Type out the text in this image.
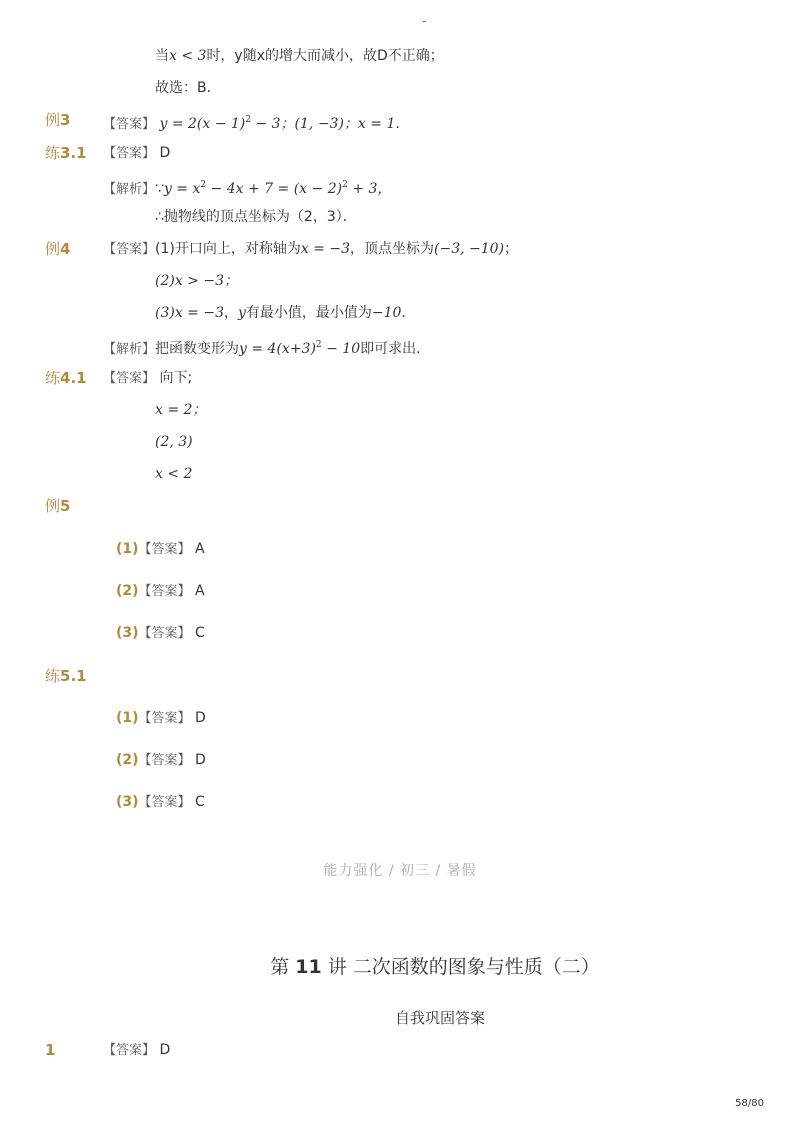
-
当x < 3时，y随x的增大而减小，故D不正确；
故选：B．
例3	【答案】 $y = 2(x - 1)^2 - 3$；(1, −3)；x = 1.
练3.1 【答案】 D
【解析】∵y = $x^2 - 4x + 7 = (x - 2)^2 + 3$，
∴抛物线的顶点坐标为（2，3）．
例4	【答案】(1)开口向上，对称轴为x = −3，顶点坐标为(−3, −10)；
(2)x > −3；
(3)x = −3，y有最小值，最小值为−10．
【解析】把函数变形为$y = 4(x+3)^2 - 10$即可求出．
练4.1 【答案】 向下;
x = 2；
(2, 3)
x < 2
例5
(1)【答案】 A
(2)【答案】 A
(3)【答案】 C
练5.1
(1)【答案】 D
(2)【答案】 D
(3)【答案】 C
能力强化 / 初三 / 暑假
第 11 讲 二次函数的图象与性质（二）
自我巩固答案
1	【答案】 D
58/80
